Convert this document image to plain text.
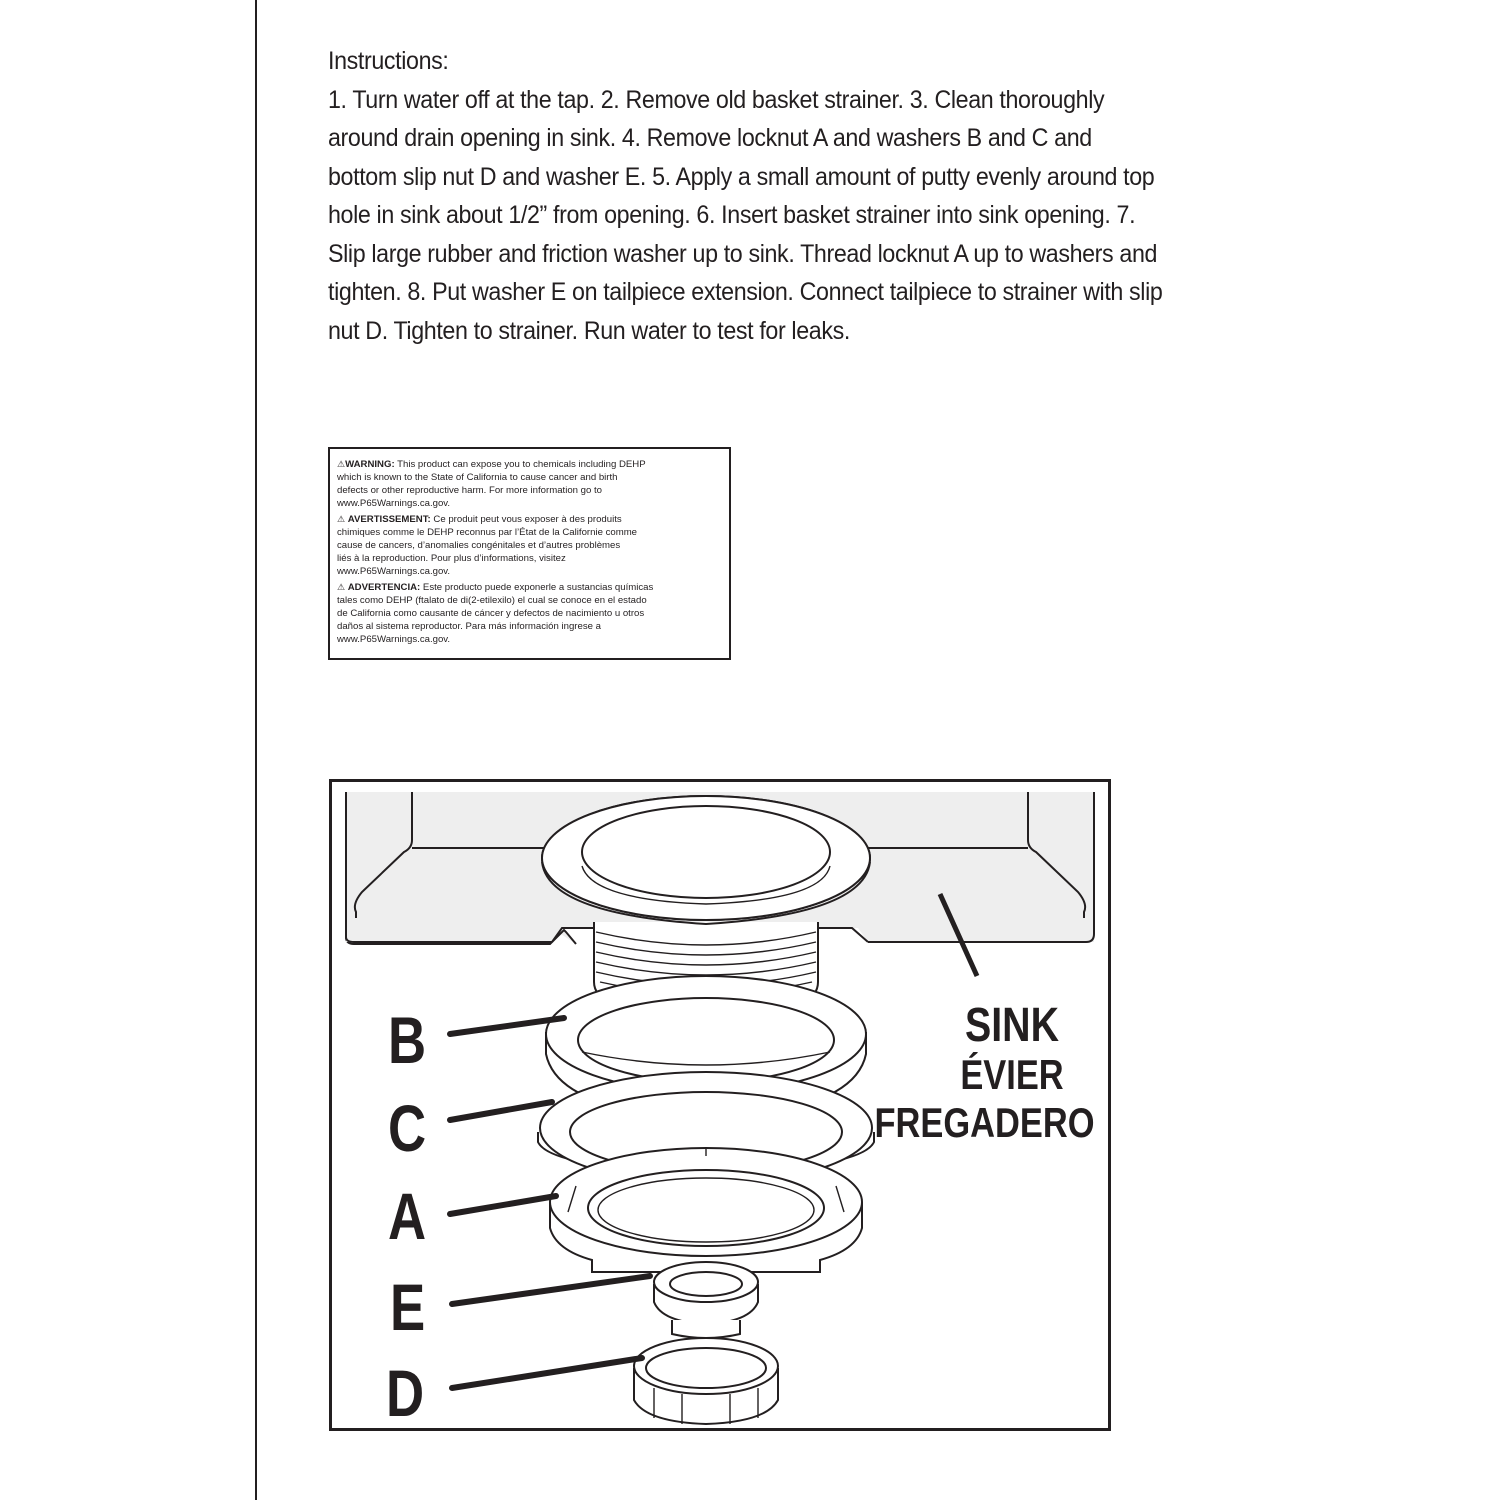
Instructions:
1. Turn water off at the tap. 2. Remove old basket strainer. 3. Clean thoroughly around drain opening in sink. 4. Remove locknut A and washers B and C and bottom slip nut D and washer E. 5. Apply a small amount of putty evenly around top hole in sink about 1/2” from opening. 6. Insert basket strainer into sink opening. 7. Slip large rubber and friction washer up to sink. Thread locknut A up to washers and tighten. 8. Put washer E on tailpiece extension. Connect tailpiece to strainer with slip nut D. Tighten to strainer. Run water to test for leaks.

⚠WARNING: This product can expose you to chemicals including DEHP
which is known to the State of California to cause cancer and birth
defects or other reproductive harm. For more information go to
www.P65Warnings.ca.gov.

⚠ AVERTISSEMENT: Ce produit peut vous exposer à des produits
chimiques comme le DEHP reconnus par l’État de la Californie comme
cause de cancers, d’anomalies congénitales et d’autres problèmes
liés à la reproduction. Pour plus d’informations, visitez
www.P65Warnings.ca.gov.

⚠ ADVERTENCIA: Este producto puede exponerle a sustancias químicas
tales como DEHP (ftalato de di(2-etilexilo) el cual se conoce en el estado
de California como causante de cáncer y defectos de nacimiento u otros
daños al sistema reproductor. Para más información ingrese a
www.P65Warnings.ca.gov.

B
C
A
E
D
SINK
ÉVIER
FREGADERO
